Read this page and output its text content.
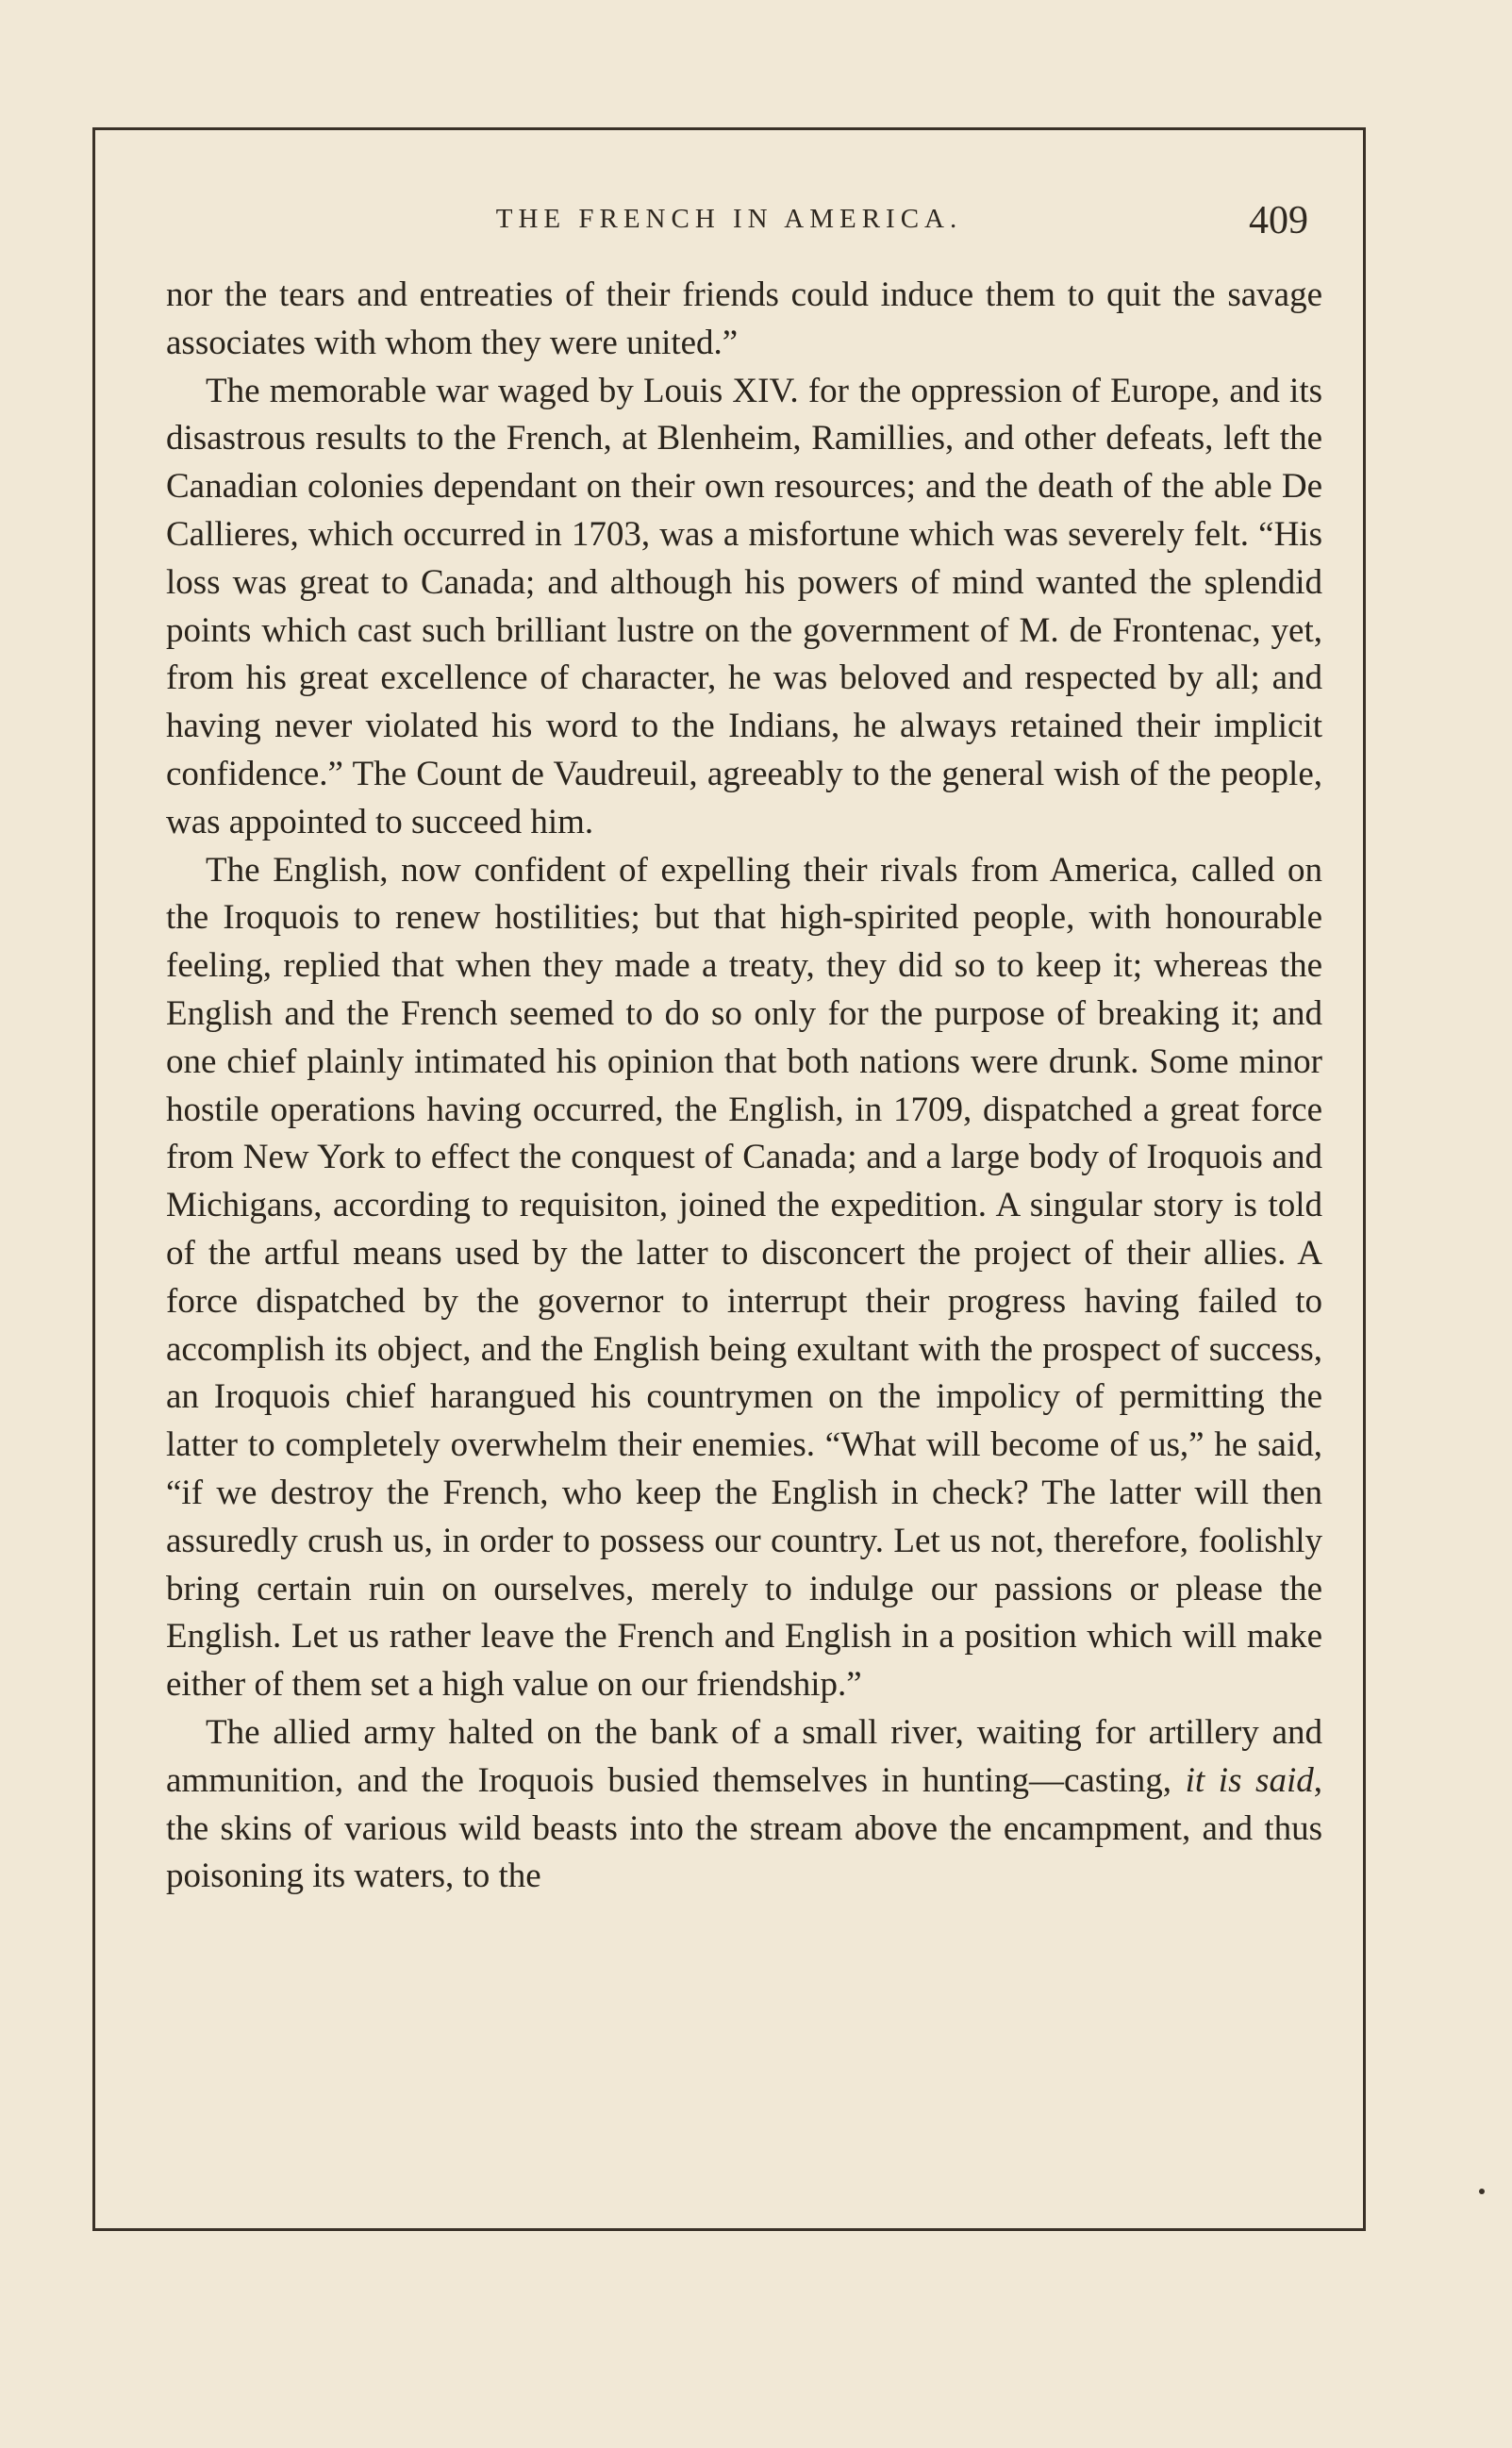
THE FRENCH IN AMERICA.	409

nor the tears and entreaties of their friends could induce them to quit the savage associates with whom they were united.”

The memorable war waged by Louis XIV. for the oppression of Europe, and its disastrous results to the French, at Blenheim, Ramillies, and other defeats, left the Canadian colonies dependant on their own resources; and the death of the able De Callieres, which occurred in 1703, was a misfortune which was severely felt. “His loss was great to Canada; and although his powers of mind wanted the splendid points which cast such brilliant lustre on the government of M. de Frontenac, yet, from his great excellence of character, he was beloved and respected by all; and having never violated his word to the Indians, he always retained their implicit confidence.” The Count de Vaudreuil, agreeably to the general wish of the people, was appointed to succeed him.

The English, now confident of expelling their rivals from America, called on the Iroquois to renew hostilities; but that high-spirited people, with honourable feeling, replied that when they made a treaty, they did so to keep it; whereas the English and the French seemed to do so only for the purpose of breaking it; and one chief plainly intimated his opinion that both nations were drunk. Some minor hostile operations having occurred, the English, in 1709, dispatched a great force from New York to effect the conquest of Canada; and a large body of Iroquois and Michigans, according to requisiton, joined the expedition. A singular story is told of the artful means used by the latter to disconcert the project of their allies. A force dispatched by the governor to interrupt their progress having failed to accomplish its object, and the English being exultant with the prospect of success, an Iroquois chief harangued his countrymen on the impolicy of permitting the latter to completely overwhelm their enemies. “What will become of us,” he said, “if we destroy the French, who keep the English in check? The latter will then assuredly crush us, in order to possess our country. Let us not, therefore, foolishly bring certain ruin on ourselves, merely to indulge our passions or please the English. Let us rather leave the French and English in a position which will make either of them set a high value on our friendship.”

The allied army halted on the bank of a small river, waiting for artillery and ammunition, and the Iroquois busied themselves in hunting—casting, it is said, the skins of various wild beasts into the stream above the encampment, and thus poisoning its waters, to the
